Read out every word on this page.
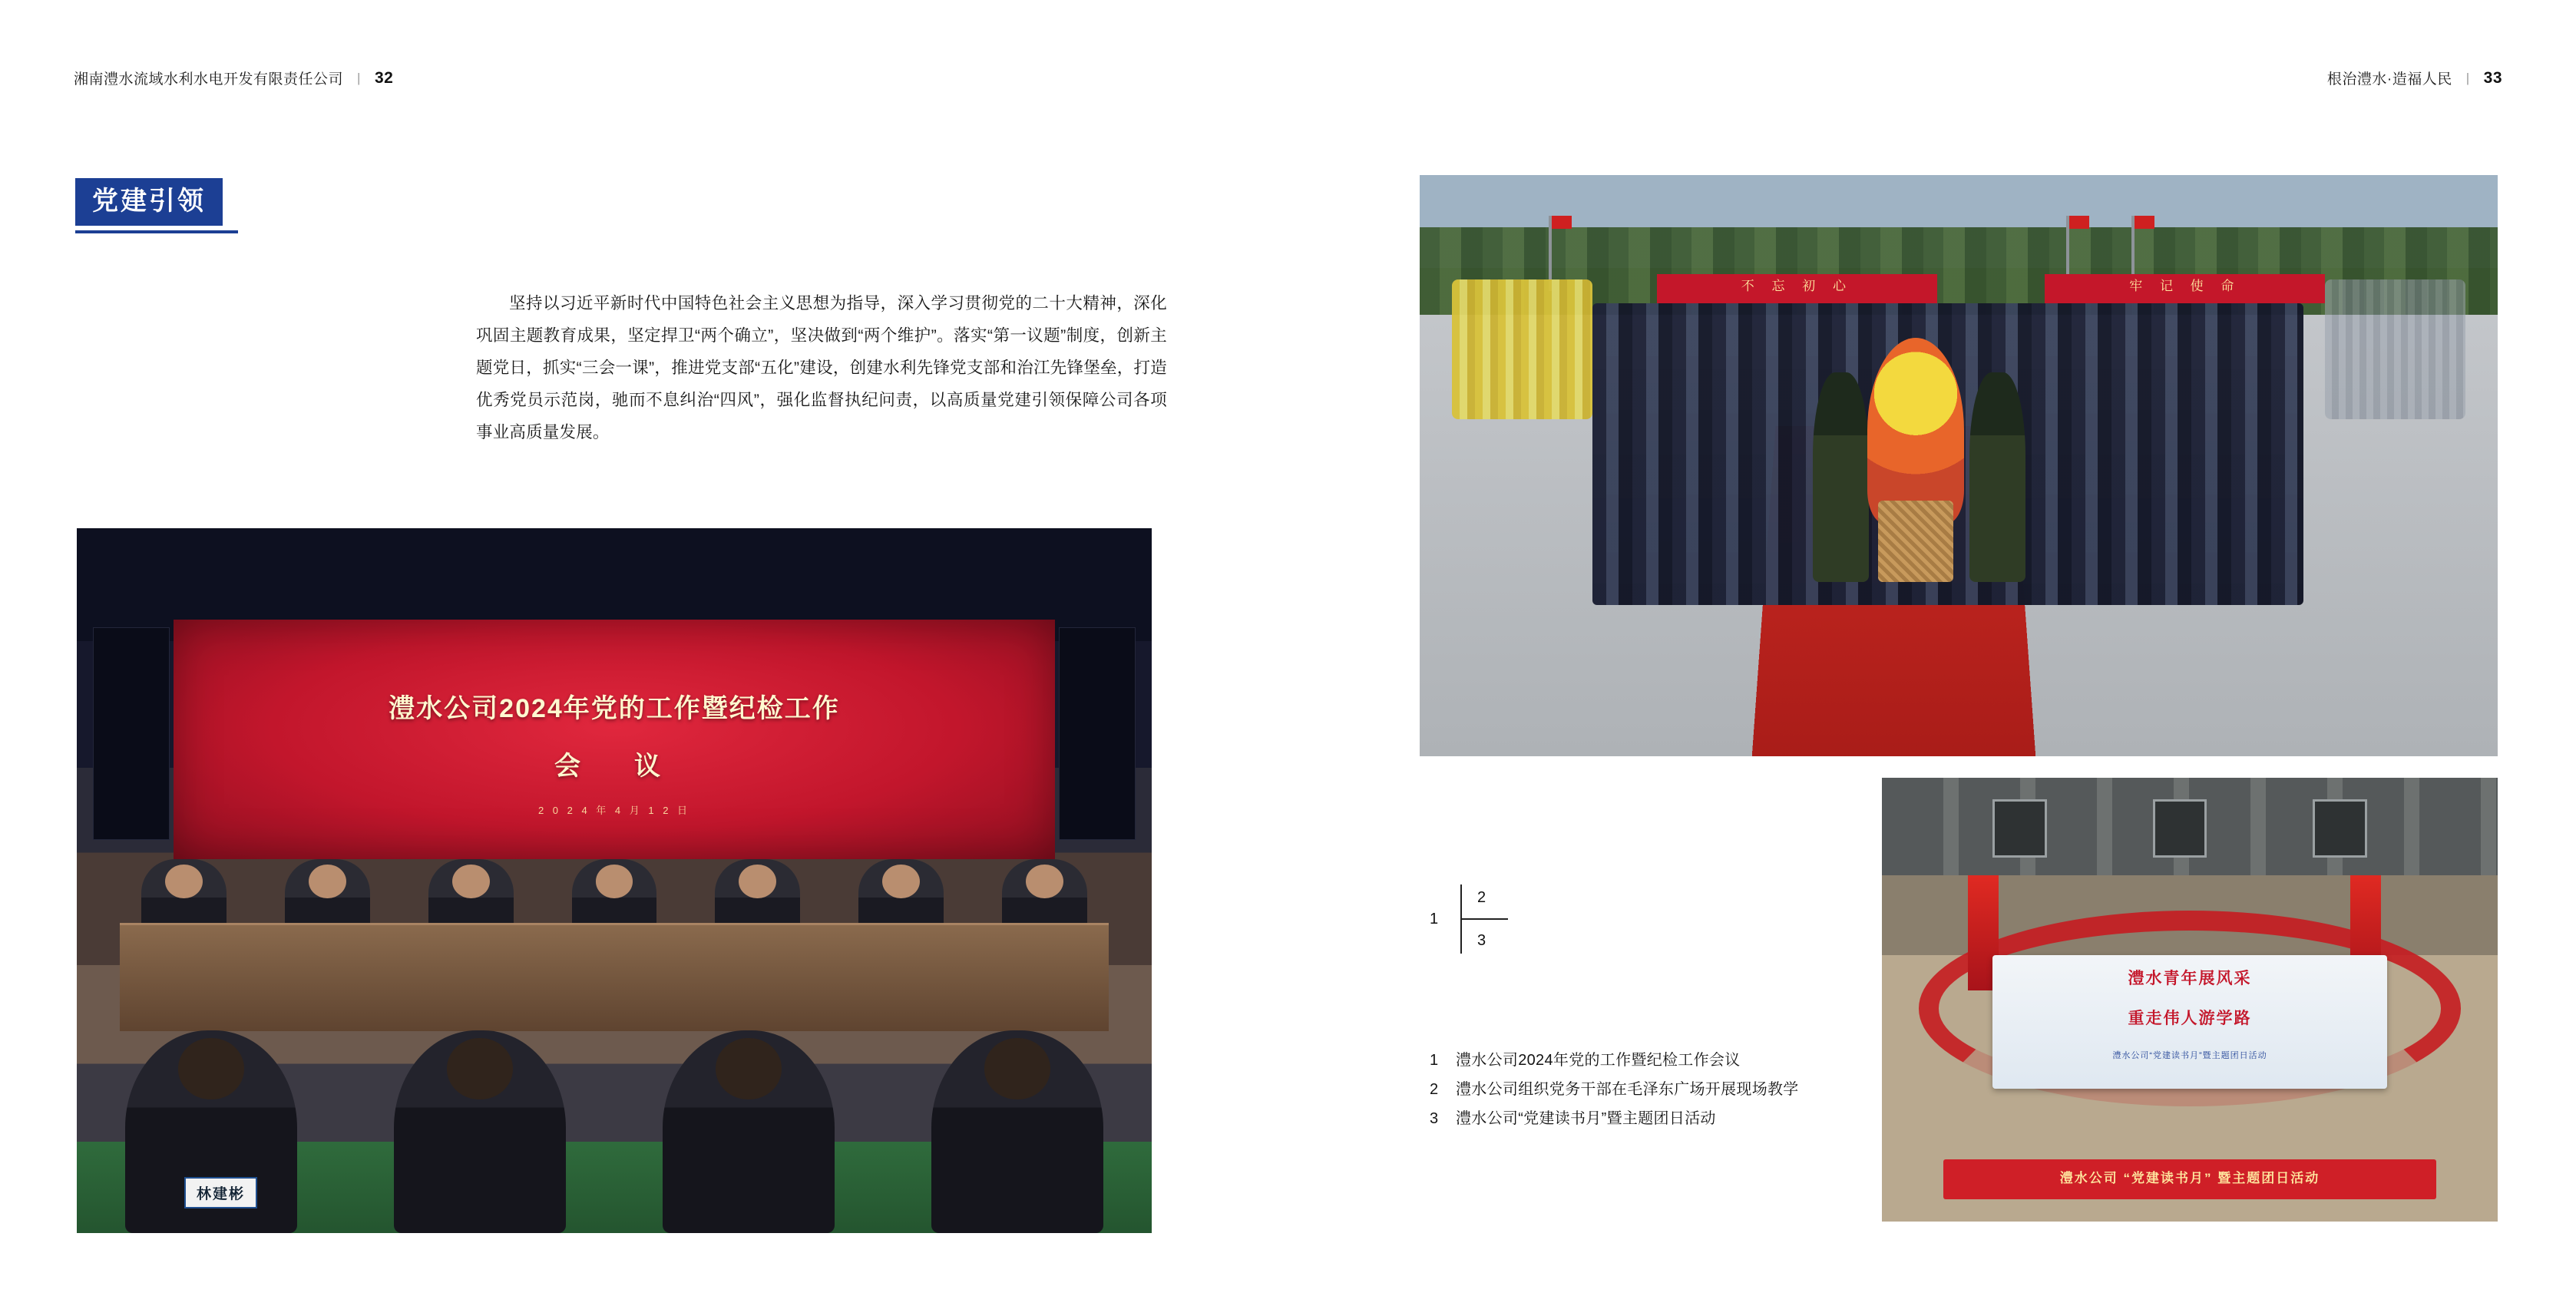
湘南澧水流域水利水电开发有限责任公司 | 32	根治澧水·造福人民 | 33
党建引领
坚持以习近平新时代中国特色社会主义思想为指导，深入学习贯彻党的二十大精神，深化巩固主题教育成果，坚定捍卫“两个确立”，坚决做到“两个维护”。落实“第一议题”制度，创新主题党日，抓实“三会一课”，推进党支部“五化”建设，创建水利先锋党支部和治江先锋堡垒，打造优秀党员示范岗，驰而不息纠治“四风”，强化监督执纪问责，以高质量党建引领保障公司各项事业高质量发展。
澧水公司2024年党的工作暨纪检工作
会　议
2 0 2 4 年 4 月 1 2 日
林建彬
不 忘 初 心	牢 记 使 命
澧水青年展风采
重走伟人游学路
澧水公司“党建读书月”暨主题团日活动
澧水公司 “党建读书月” 暨主题团日活动
1
2
3
1 澧水公司2024年党的工作暨纪检工作会议
2 澧水公司组织党务干部在毛泽东广场开展现场教学
3 澧水公司“党建读书月”暨主题团日活动
